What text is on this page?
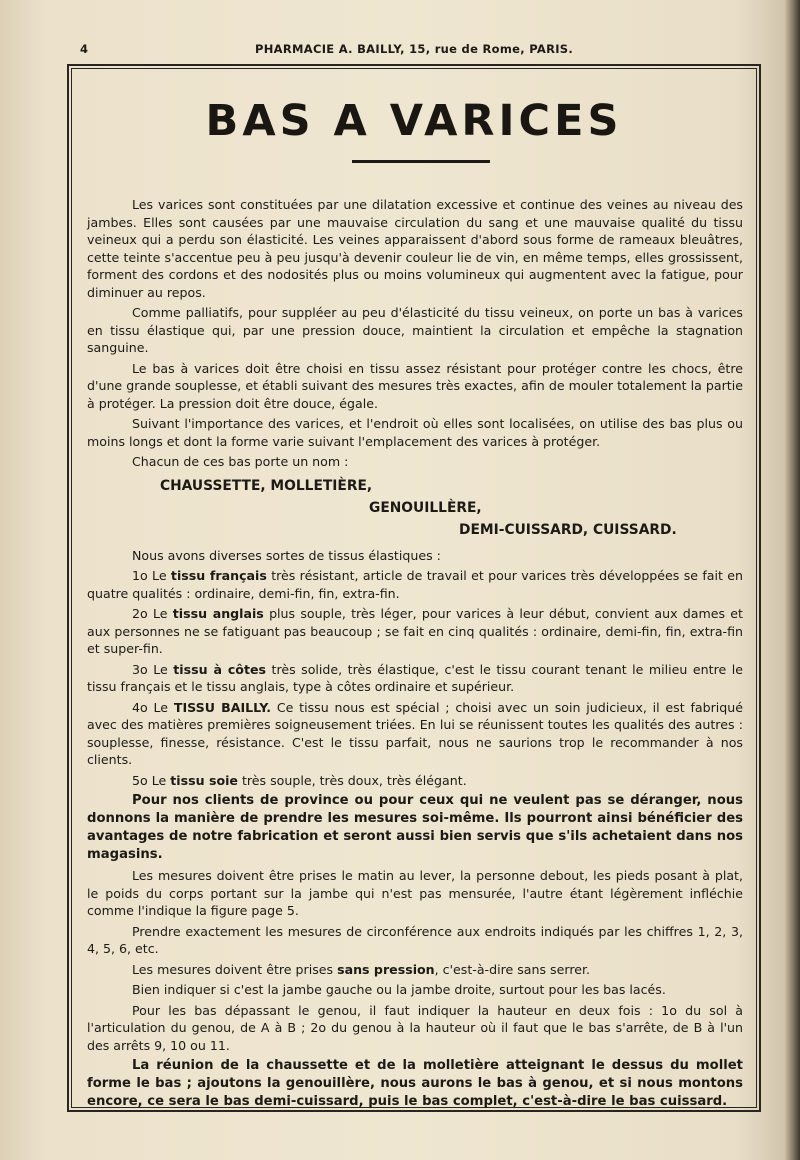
4	PHARMACIE A. BAILLY, 15, rue de Rome, PARIS.
BAS A VARICES

Les varices sont constituées par une dilatation excessive et continue des veines au niveau des jambes. Elles sont causées par une mauvaise circulation du sang et une mauvaise qualité du tissu veineux qui a perdu son élasticité. Les veines apparaissent d'abord sous forme de rameaux bleuâtres, cette teinte s'accentue peu à peu jusqu'à devenir couleur lie de vin, en même temps, elles grossissent, forment des cordons et des nodosités plus ou moins volumineux qui augmentent avec la fatigue, pour diminuer au repos.

Comme palliatifs, pour suppléer au peu d'élasticité du tissu veineux, on porte un bas à varices en tissu élastique qui, par une pression douce, maintient la circulation et empêche la stagnation sanguine.

Le bas à varices doit être choisi en tissu assez résistant pour protéger contre les chocs, être d'une grande souplesse, et établi suivant des mesures très exactes, afin de mouler totalement la partie à protéger. La pression doit être douce, égale.

Suivant l'importance des varices, et l'endroit où elles sont localisées, on utilise des bas plus ou moins longs et dont la forme varie suivant l'emplacement des varices à protéger.

Chacun de ces bas porte un nom :

CHAUSSETTE, MOLLETIÈRE,
GENOUILLÈRE,
DEMI-CUISSARD, CUISSARD.

Nous avons diverses sortes de tissus élastiques :

1o Le tissu français très résistant, article de travail et pour varices très développées se fait en quatre qualités : ordinaire, demi-fin, fin, extra-fin.

2o Le tissu anglais plus souple, très léger, pour varices à leur début, convient aux dames et aux personnes ne se fatiguant pas beaucoup ; se fait en cinq qualités : ordinaire, demi-fin, fin, extra-fin et super-fin.

3o Le tissu à côtes très solide, très élastique, c'est le tissu courant tenant le milieu entre le tissu français et le tissu anglais, type à côtes ordinaire et supérieur.

4o Le TISSU BAILLY. Ce tissu nous est spécial ; choisi avec un soin judicieux, il est fabriqué avec des matières premières soigneusement triées. En lui se réunissent toutes les qualités des autres : souplesse, finesse, résistance. C'est le tissu parfait, nous ne saurions trop le recommander à nos clients.

5o Le tissu soie très souple, très doux, très élégant.

Pour nos clients de province ou pour ceux qui ne veulent pas se déranger, nous donnons la manière de prendre les mesures soi-même. Ils pourront ainsi bénéficier des avantages de notre fabrication et seront aussi bien servis que s'ils achetaient dans nos magasins.

Les mesures doivent être prises le matin au lever, la personne debout, les pieds posant à plat, le poids du corps portant sur la jambe qui n'est pas mensurée, l'autre étant légèrement infléchie comme l'indique la figure page 5.

Prendre exactement les mesures de circonférence aux endroits indiqués par les chiffres 1, 2, 3, 4, 5, 6, etc.

Les mesures doivent être prises sans pression, c'est-à-dire sans serrer.

Bien indiquer si c'est la jambe gauche ou la jambe droite, surtout pour les bas lacés.

Pour les bas dépassant le genou, il faut indiquer la hauteur en deux fois : 1o du sol à l'articulation du genou, de A à B ; 2o du genou à la hauteur où il faut que le bas s'arrête, de B à l'un des arrêts 9, 10 ou 11.

La réunion de la chaussette et de la molletière atteignant le dessus du mollet forme le bas ; ajoutons la genouillère, nous aurons le bas à genou, et si nous montons encore, ce sera le bas demi-cuissard, puis le bas complet, c'est-à-dire le bas cuissard.
